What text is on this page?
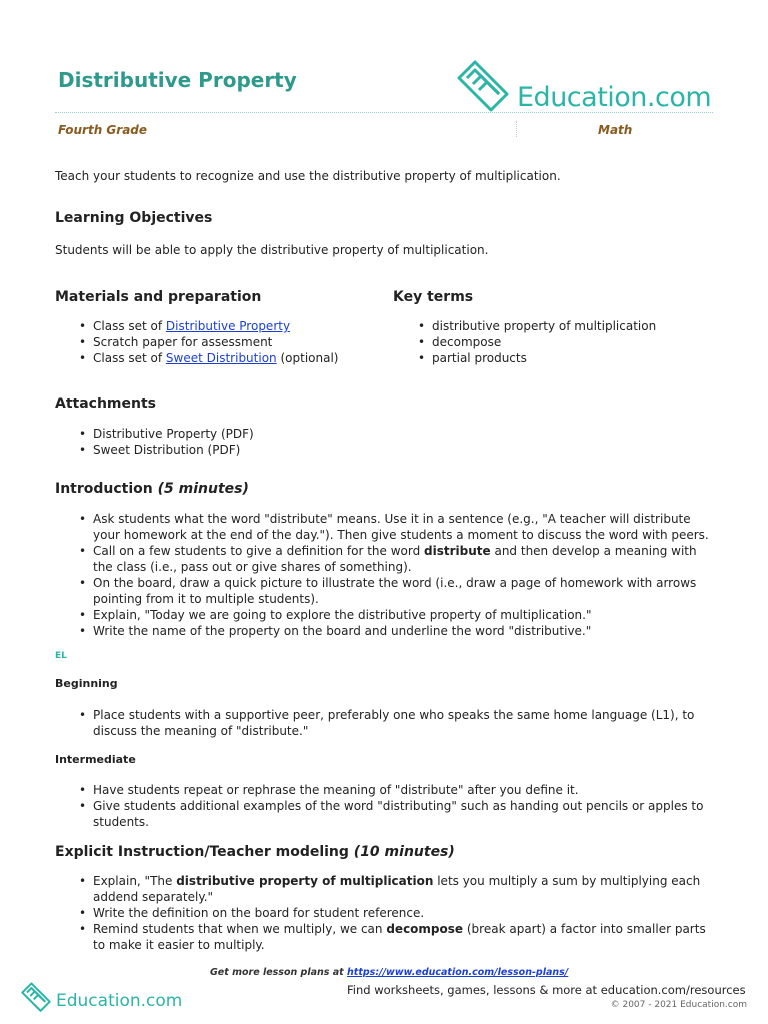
Distributive Property
Education.com
Fourth Grade	Math

Teach your students to recognize and use the distributive property of multiplication.

Learning Objectives

Students will be able to apply the distributive property of multiplication.

Materials and preparation
• Class set of Distributive Property
• Scratch paper for assessment
• Class set of Sweet Distribution (optional)
Key terms
• distributive property of multiplication
• decompose
• partial products
Attachments
• Distributive Property (PDF)
• Sweet Distribution (PDF)
Introduction (5 minutes)
• Ask students what the word "distribute" means. Use it in a sentence (e.g., "A teacher will distribute your homework at the end of the day."). Then give students a moment to discuss the word with peers.
• Call on a few students to give a definition for the word distribute and then develop a meaning with the class (i.e., pass out or give shares of something).
• On the board, draw a quick picture to illustrate the word (i.e., draw a page of homework with arrows pointing from it to multiple students).
• Explain, "Today we are going to explore the distributive property of multiplication."
• Write the name of the property on the board and underline the word "distributive."
EL
Beginning
• Place students with a supportive peer, preferably one who speaks the same home language (L1), to discuss the meaning of "distribute."
Intermediate
• Have students repeat or rephrase the meaning of "distribute" after you define it.
• Give students additional examples of the word "distributing" such as handing out pencils or apples to students.
Explicit Instruction/Teacher modeling (10 minutes)
• Explain, "The distributive property of multiplication lets you multiply a sum by multiplying each addend separately."
• Write the definition on the board for student reference.
• Remind students that when we multiply, we can decompose (break apart) a factor into smaller parts to make it easier to multiply.
Get more lesson plans at https://www.education.com/lesson-plans/
Education.com
Find worksheets, games, lessons & more at education.com/resources
© 2007 - 2021 Education.com
